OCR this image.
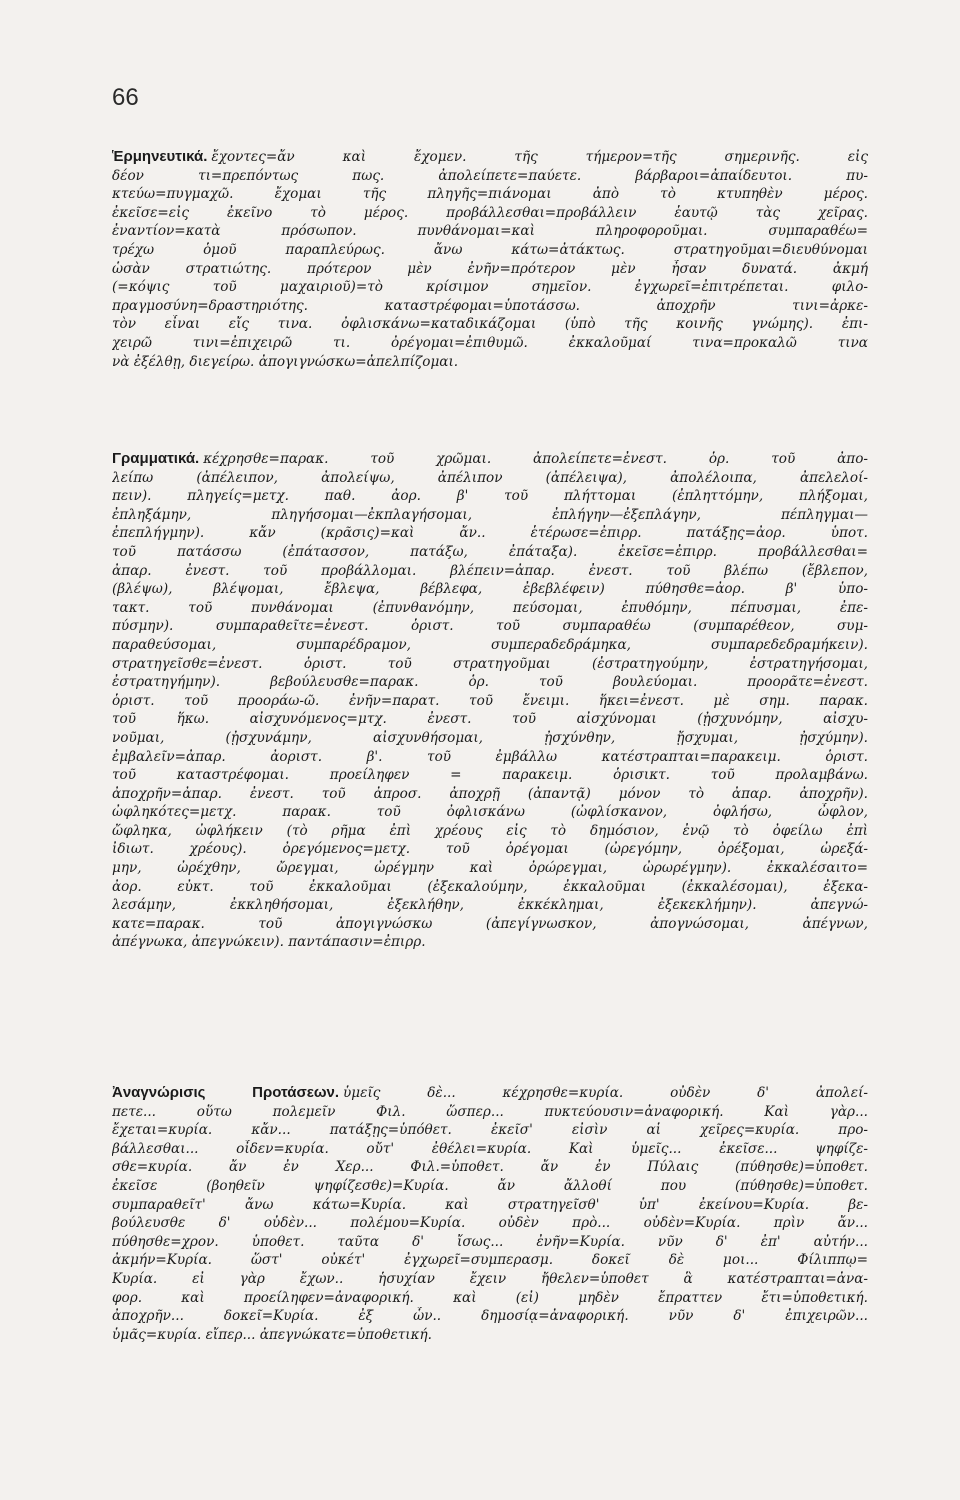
66
Ἑρμηνευτικά. ἔχοντες=ἄν καὶ ἔχομεν. τῆς τήμερον=τῆς σημερινῆς. εἰς
δέον τι=πρεπόντως πως. ἀπολείπετε=παύετε. βάρβαροι=ἀπαίδευτοι. πυ-
κτεύω=πυγμαχῶ. ἔχομαι τῆς πληγῆς=πιάνομαι ἀπὸ τὸ κτυπηθὲν μέρος.
ἐκεῖσε=εἰς ἐκεῖνο τὸ μέρος. προβάλλεσθαι=προβάλλειν ἑαυτῷ τὰς χεῖρας.
ἐναντίον=κατὰ πρόσωπον. πυνθάνομαι=καὶ πληροφοροῦμαι. συμπαραθέω=
τρέχω ὁμοῦ παραπλεύρως. ἄνω κάτω=ἀτάκτως. στρατηγοῦμαι=διευθύνομαι
ὡσὰν στρατιώτης. πρότερον μὲν ἐνῆν=πρότερον μὲν ἦσαν δυνατά. ἀκμή
(=κόψις τοῦ μαχαιριοῦ)=τὸ κρίσιμον σημεῖον. ἐγχωρεῖ=ἐπιτρέπεται. φιλο-
πραγμοσύνη=δραστηριότης. καταστρέφομαι=ὑποτάσσω. ἀποχρῆν τινι=ἀρκε-
τὸν εἶναι εἴς τινα. ὀφλισκάνω=καταδικάζομαι (ὑπὸ τῆς κοινῆς γνώμης). ἐπι-
χειρῶ τινι=ἐπιχειρῶ τι. ὀρέγομαι=ἐπιθυμῶ. ἐκκαλοῦμαί τινα=προκαλῶ τινα
νὰ ἐξέλθῃ, διεγείρω. ἀπογιγνώσκω=ἀπελπίζομαι.
Γραμματικά. κέχρησθε=παρακ. τοῦ χρῶμαι. ἀπολείπετε=ἐνεστ. ὁρ. τοῦ ἀπο-
λείπω (ἀπέλειπον, ἀπολείψω, ἀπέλιπον (ἀπέλειψα), ἀπολέλοιπα, ἀπελελοί-
πειν). πληγείς=μετχ. παθ. ἀορ. β' τοῦ πλήττομαι (ἐπληττόμην, πλήξομαι,
ἐπληξάμην, πληγήσομαι—ἐκπλαγήσομαι, ἐπλήγην—ἐξεπλάγην, πέπληγμαι—
ἐπεπλήγμην). κἄν (κρᾶσις)=καὶ ἄν.. ἑτέρωσε=ἐπιρρ. πατάξῃς=ἀορ. ὑποτ.
τοῦ πατάσσω (ἐπάτασσον, πατάξω, ἐπάταξα). ἐκεῖσε=ἐπιρρ. προβάλλεσθαι=
ἀπαρ. ἐνεστ. τοῦ προβάλλομαι. βλέπειν=ἀπαρ. ἐνεστ. τοῦ βλέπω (ἔβλεπον,
(βλέψω), βλέψομαι, ἔβλεψα, βέβλεφα, ἐβεβλέφειν) πύθησθε=ἀορ. β' ὑπο-
τακτ. τοῦ πυνθάνομαι (ἐπυνθανόμην, πεύσομαι, ἐπυθόμην, πέπυσμαι, ἐπε-
πύσμην). συμπαραθεῖτε=ἐνεστ. ὁριστ. τοῦ συμπαραθέω (συμπαρέθεον, συμ-
παραθεύσομαι, συμπαρέδραμον, συμπεραδεδράμηκα, συμπαρεδεδραμήκειν).
στρατηγεῖσθε=ἐνεστ. ὁριστ. τοῦ στρατηγοῦμαι (ἐστρατηγούμην, ἐστρατηγήσομαι,
ἐστρατηγήμην). βεβούλευσθε=παρακ. ὁρ. τοῦ βουλεύομαι. προορᾶτε=ἐνεστ.
ὁριστ. τοῦ προοράω-ῶ. ἐνῆν=παρατ. τοῦ ἔνειμι. ἥκει=ἐνεστ. μὲ σημ. παρακ.
τοῦ ἥκω. αἰσχυνόμενος=μτχ. ἐνεστ. τοῦ αἰσχύνομαι (ᾐσχυνόμην, αἰσχυ-
νοῦμαι, (ᾐσχυνάμην, αἰσχυνθήσομαι, ᾐσχύνθην, ᾔσχυμαι, ᾐσχύμην).
ἐμβαλεῖν=ἀπαρ. ἀοριστ. β'. τοῦ ἐμβάλλω κατέστραπται=παρακειμ. ὁριστ.
τοῦ καταστρέφομαι. προείληφεν = παρακειμ. ὁρισικτ. τοῦ προλαμβάνω.
ἀποχρῆν=ἀπαρ. ἐνεστ. τοῦ ἀπροσ. ἀποχρῇ (ἀπαντᾷ) μόνον τὸ ἀπαρ. ἀποχρῆν).
ὠφληκότες=μετχ. παρακ. τοῦ ὀφλισκάνω (ὠφλίσκανον, ὀφλήσω, ὦφλον,
ὤφληκα, ὠφλήκειν (τὸ ρῆμα ἐπὶ χρέους εἰς τὸ δημόσιον, ἐνῷ τὸ ὀφείλω ἐπὶ
ἰδιωτ. χρέους). ὀρεγόμενος=μετχ. τοῦ ὀρέγομαι (ὠρεγόμην, ὀρέξομαι, ὠρεξά-
μην, ὠρέχθην, ὤρεγμαι, ὠρέγμην καὶ ὀρώρεγμαι, ὠρωρέγμην). ἐκκαλέσαιτο=
ἀορ. εὐκτ. τοῦ ἐκκαλοῦμαι (ἐξεκαλούμην, ἐκκαλοῦμαι (ἐκκαλέσομαι), ἐξεκα-
λεσάμην, ἐκκληθήσομαι, ἐξεκλήθην, ἐκκέκλημαι, ἐξεκεκλήμην). ἀπεγνώ-
κατε=παρακ. τοῦ ἀπογιγνώσκω (ἀπεγίγνωσκον, ἀπογνώσομαι, ἀπέγνων,
ἀπέγνωκα, ἀπεγνώκειν). παντάπασιν=ἐπιρρ.
Ἀναγνώρισις Προτάσεων. ὑμεῖς δὲ... κέχρησθε=κυρία. οὐδὲν δ' ἀπολεί-
πετε... οὕτω πολεμεῖν Φιλ. ὥσπερ... πυκτεύουσιν=ἀναφορική. Καὶ γὰρ...
ἔχεται=κυρία. κἄν... πατάξῃς=ὑπόθετ. ἐκεῖσ' εἰσὶν αἱ χεῖρες=κυρία. προ-
βάλλεσθαι... οἶδεν=κυρία. οὔτ' ἐθέλει=κυρία. Καὶ ὑμεῖς... ἐκεῖσε... ψηφίζε-
σθε=κυρία. ἄν ἐν Χερ... Φιλ.=ὑποθετ. ἄν ἐν Πύλαις (πύθησθε)=ὑποθετ.
ἐκεῖσε (βοηθεῖν ψηφίζεσθε)=Κυρία. ἄν ἄλλοθί που (πύθησθε)=ὑποθετ.
συμπαραθεῖτ' ἄνω κάτω=Κυρία. καὶ στρατηγεῖσθ' ὑπ' ἐκείνου=Κυρία. βε-
βούλευσθε δ' οὐδὲν... πολέμου=Κυρία. οὐδὲν πρὸ... οὐδὲν=Κυρία. πρὶν ἄν...
πύθησθε=χρον. ὑποθετ. ταῦτα δ' ἴσως... ἐνῆν=Κυρία. νῦν δ' ἐπ' αὐτήν...
ἀκμήν=Κυρία. ὥστ' οὐκέτ' ἐγχωρεῖ=συμπερασμ. δοκεῖ δὲ μοι... Φίλιππῳ=
Κυρία. εἰ γὰρ ἔχων.. ἡσυχίαν ἔχειν ἤθελεν=ὑποθετ ἃ κατέστραπται=ἀνα-
φορ. καὶ προείληφεν=ἀναφορική. καὶ (εἰ) μηδὲν ἔπραττεν ἔτι=ὑποθετική.
ἀποχρῆν... δοκεῖ=Κυρία. ἐξ ὧν.. δημοσίᾳ=ἀναφορική. νῦν δ' ἐπιχειρῶν...
ὑμᾶς=κυρία. εἴπερ... ἀπεγνώκατε=ὑποθετική.
